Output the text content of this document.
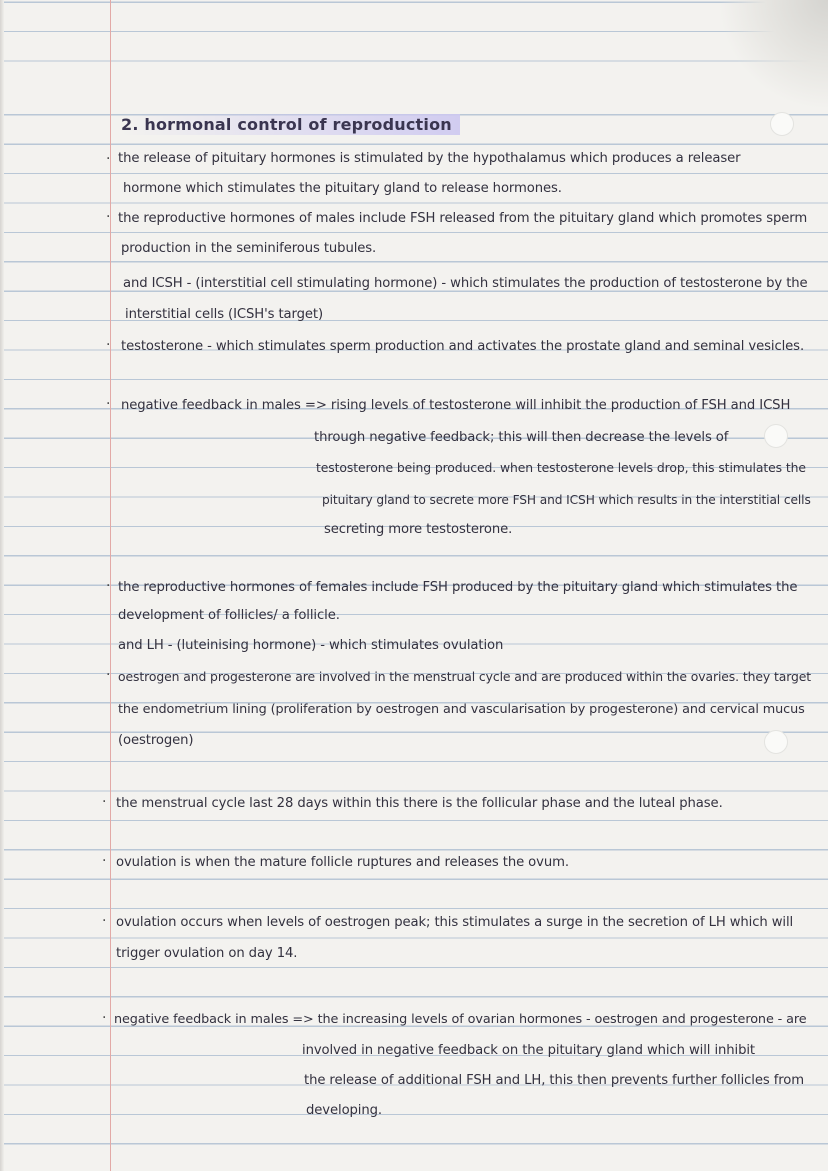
2. hormonal control of reproduction
·
·
·
·
·
·
·
·
·
·
the release of pituitary hormones is stimulated by the hypothalamus which produces a releaser
hormone which stimulates the pituitary gland to release hormones.
the reproductive hormones of males include FSH released from the pituitary gland which promotes sperm
production in the seminiferous tubules.
and ICSH - (interstitial cell stimulating hormone) - which stimulates the production of testosterone by the
interstitial cells (ICSH's target)
testosterone - which stimulates sperm production and activates the prostate gland and seminal vesicles.
negative feedback in males => rising levels of testosterone will inhibit the production of FSH and ICSH
through negative feedback; this will then decrease the levels of
testosterone being produced. when testosterone levels drop, this stimulates the
pituitary gland to secrete more FSH and ICSH which results in the interstitial cells
secreting more testosterone.
the reproductive hormones of females include FSH produced by the pituitary gland which stimulates the
development of follicles/ a follicle.
and LH - (luteinising hormone) - which stimulates ovulation
oestrogen and progesterone are involved in the menstrual cycle and are produced within the ovaries. they target
the endometrium lining (proliferation by oestrogen and vascularisation by progesterone) and cervical mucus
(oestrogen)
the menstrual cycle last 28 days within this there is the follicular phase and the luteal phase.
ovulation is when the mature follicle ruptures and releases the ovum.
ovulation occurs when levels of oestrogen peak; this stimulates a surge in the secretion of LH which will
trigger ovulation on day 14.
negative feedback in males => the increasing levels of ovarian hormones - oestrogen and progesterone - are
involved in negative feedback on the pituitary gland which will inhibit
the release of additional FSH and LH, this then prevents further follicles from
developing.
